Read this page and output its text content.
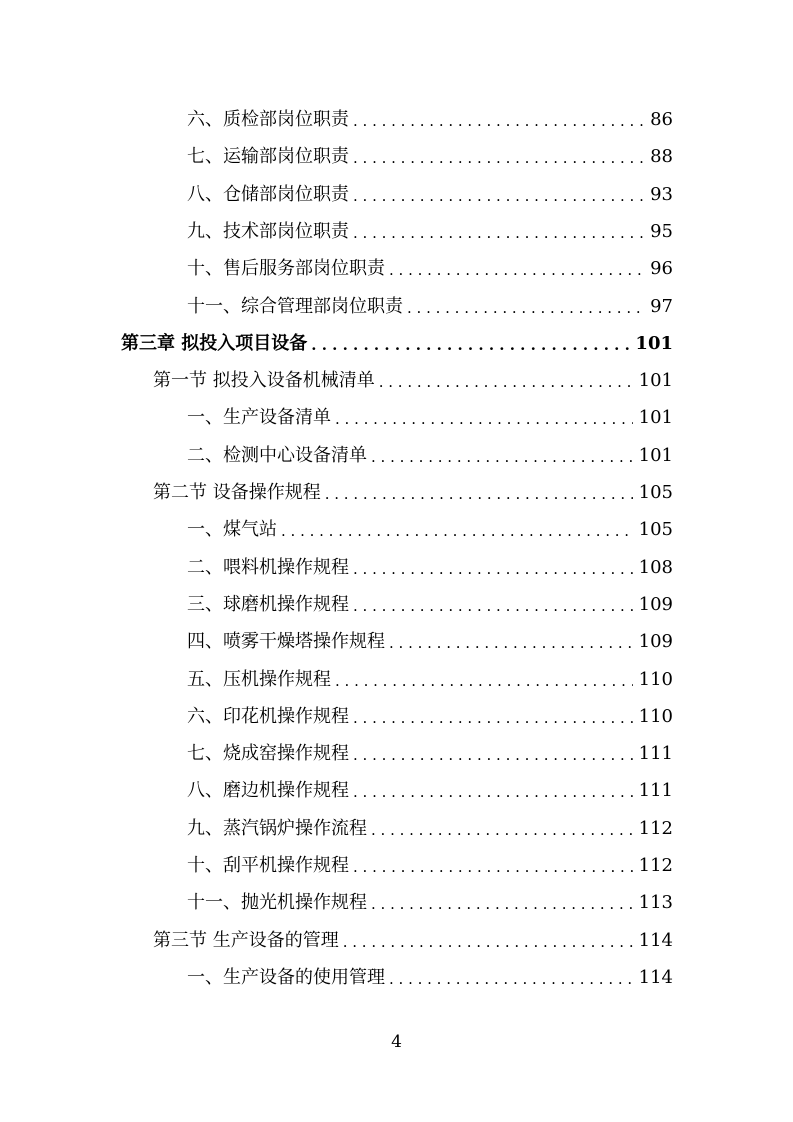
六、质检部岗位职责 . . .	86
七、运输部岗位职责 . . .	88
八、仓储部岗位职责 . . .	93
九、技术部岗位职责 . . .	95
十、售后服务部岗位职责 . . .	96
十一、综合管理部岗位职责 . . .	97
第三章 拟投入项目设备 . . .	101
第一节 拟投入设备机械清单 . . .	101
一、生产设备清单 . . .	101
二、检测中心设备清单 . . .	101
第二节 设备操作规程 . . .	105
一、煤气站 . . .	105
二、喂料机操作规程 . . .	108
三、球磨机操作规程 . . .	109
四、喷雾干燥塔操作规程 . . .	109
五、压机操作规程 . . .	110
六、印花机操作规程 . . .	110
七、烧成窑操作规程 . . .	111
八、磨边机操作规程 . . .	111
九、蒸汽锅炉操作流程 . . .	112
十、刮平机操作规程 . . .	112
十一、抛光机操作规程 . . .	113
第三节 生产设备的管理 . . .	114
一、生产设备的使用管理 . . .	114
4
